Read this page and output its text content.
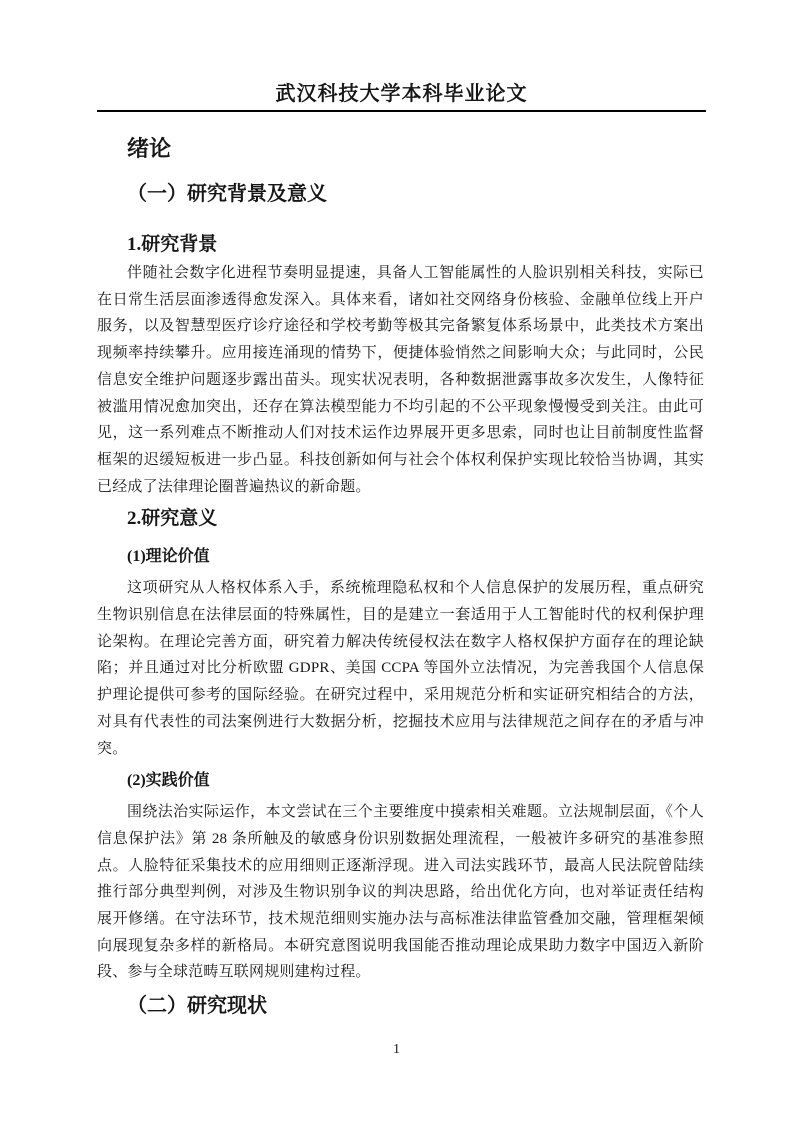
武汉科技大学本科毕业论文
绪论
（一）研究背景及意义
1.研究背景

伴随社会数字化进程节奏明显提速，具备人工智能属性的人脸识别相关科技，实际已在日常生活层面渗透得愈发深入。具体来看，诸如社交网络身份核验、金融单位线上开户服务，以及智慧型医疗诊疗途径和学校考勤等极其完备繁复体系场景中，此类技术方案出现频率持续攀升。应用接连涌现的情势下，便捷体验悄然之间影响大众；与此同时，公民信息安全维护问题逐步露出苗头。现实状况表明，各种数据泄露事故多次发生，人像特征被滥用情况愈加突出，还存在算法模型能力不均引起的不公平现象慢慢受到关注。由此可见，这一系列难点不断推动人们对技术运作边界展开更多思索，同时也让目前制度性监督框架的迟缓短板进一步凸显。科技创新如何与社会个体权利保护实现比较恰当协调，其实已经成了法律理论圈普遍热议的新命题。

2.研究意义
(1)理论价值

这项研究从人格权体系入手，系统梳理隐私权和个人信息保护的发展历程，重点研究生物识别信息在法律层面的特殊属性，目的是建立一套适用于人工智能时代的权利保护理论架构。在理论完善方面，研究着力解决传统侵权法在数字人格权保护方面存在的理论缺陷；并且通过对比分析欧盟 GDPR、美国 CCPA 等国外立法情况，为完善我国个人信息保护理论提供可参考的国际经验。在研究过程中，采用规范分析和实证研究相结合的方法，对具有代表性的司法案例进行大数据分析，挖掘技术应用与法律规范之间存在的矛盾与冲突。

(2)实践价值

围绕法治实际运作，本文尝试在三个主要维度中摸索相关难题。立法规制层面，《个人信息保护法》第 28 条所触及的敏感身份识别数据处理流程，一般被许多研究的基准参照点。人脸特征采集技术的应用细则正逐渐浮现。进入司法实践环节，最高人民法院曾陆续推行部分典型判例，对涉及生物识别争议的判决思路，给出优化方向，也对举证责任结构展开修缮。在守法环节，技术规范细则实施办法与高标准法律监管叠加交融，管理框架倾向展现复杂多样的新格局。本研究意图说明我国能否推动理论成果助力数字中国迈入新阶段、参与全球范畴互联网规则建构过程。

（二）研究现状
1
